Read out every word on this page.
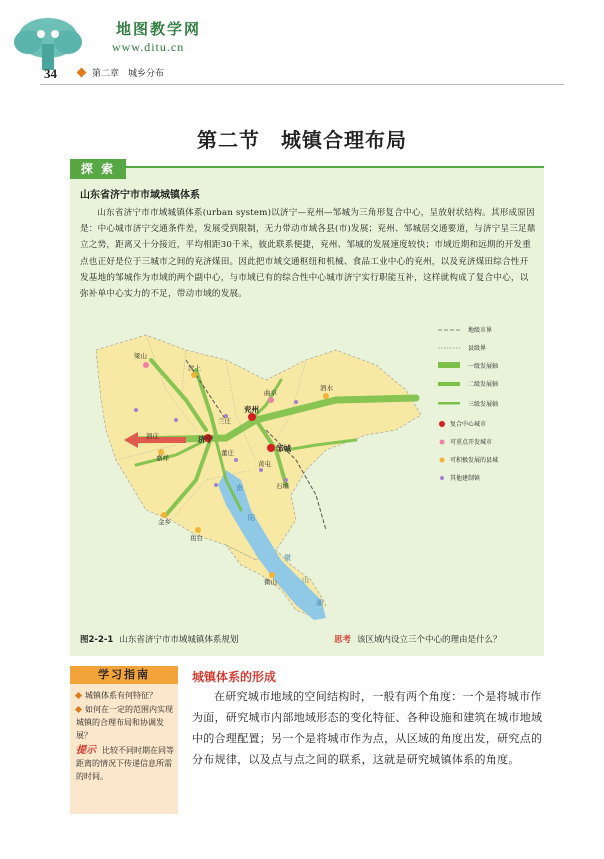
地图教学网
www.ditu.cn
34	第二章　城乡分布
第二节　城镇合理布局
探 索
山东省济宁市市域城镇体系
山东省济宁市市域城镇体系(urban system)以济宁—兖州—邹城为三角形复合中心，呈放射状结构。其形成原因是：中心城市济宁交通条件差，发展受到限制，无力带动市域各县(市)发展；兖州、邹城居交通要道，与济宁呈三足鼎立之势，距离又十分接近，平均相距30千米，彼此联系便捷，兖州、邹城的发展速度较快；市域近期和远期的开发重点也正好是位于三城市之间的兖济煤田。因此把市域交通枢纽和机械、食品工业中心的兖州，以及兖济煤田综合性开发基地的邹城作为市域的两个副中心，与市域已有的综合性中心城市济宁实行职能互补，这样就构成了复合中心，以弥补单中心实力的不足，带动市域的发展。
梁山
汶上
泗水
曲阜
兖州
济宁
邹城
嘉祥
金乡
鱼台
微山
石墙
泗庄
董庄
兰庄
黄屯
南
阳
微
山
湖
地级市界
县级界
一级发展轴
二级发展轴
三级发展轴
复合中心城市
可重点开发城市
可积极发展的县城
其他建制镇
图2-2-1 山东省济宁市市域城镇体系规划	思考 该区域内设立三个中心的理由是什么？
学习指南
城镇体系有何特征？
如何在一定的范围内实现城镇的合理布局和协调发展？
提示 比较不同时期在同等距离的情况下传递信息所需的时间。
城镇体系的形成
在研究城市地域的空间结构时，一般有两个角度：一个是将城市作为面，研究城市内部地域形态的变化特征、各种设施和建筑在城市地域中的合理配置；另一个是将城市作为点，从区域的角度出发，研究点的分布规律，以及点与点之间的联系，这就是研究城镇体系的角度。
